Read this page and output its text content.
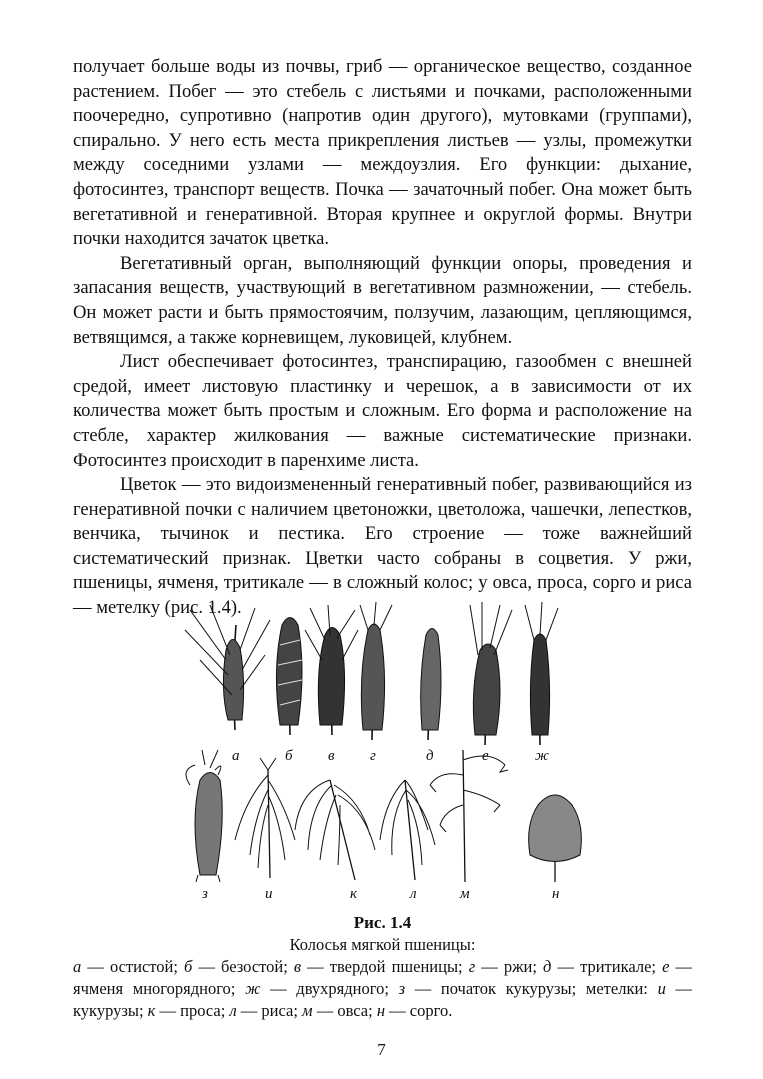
получает больше воды из почвы, гриб — органическое вещество, созданное растением. Побег — это стебель с листьями и почками, расположенными поочередно, супротивно (напротив один другого), мутовками (группами), спирально. У него есть места прикрепления листьев — узлы, промежутки между соседними узлами — междоузлия. Его функции: дыхание, фотосинтез, транспорт веществ. Почка — зачаточный побег. Она может быть вегетативной и генеративной. Вторая крупнее и округлой формы. Внутри почки находится зачаток цветка.

Вегетативный орган, выполняющий функции опоры, проведения и запасания веществ, участвующий в вегетативном размножении, — стебель. Он может расти и быть прямостоячим, ползучим, лазающим, цепляющимся, ветвящимся, а также корневищем, луковицей, клубнем.

Лист обеспечивает фотосинтез, транспирацию, газообмен с внешней средой, имеет листовую пластинку и черешок, а в зависимости от их количества может быть простым и сложным. Его форма и расположение на стебле, характер жилкования — важные систематические признаки. Фотосинтез происходит в паренхиме листа.

Цветок — это видоизмененный генеративный побег, развивающийся из генеративной почки с наличием цветоножки, цветоложа, чашечки, лепестков, венчика, тычинок и пестика. Его строение — тоже важнейший систематический признак. Цветки часто собраны в соцветия. У ржи, пшеницы, ячменя, тритикале — в сложный колос; у овса, проса, сорго и риса — метелку (рис. 1.4).

а	б в г	д	е	ж
з	и	к	л	м	н
Рис. 1.4
Колосья мягкой пшеницы:
а — остистой; б — безостой; в — твердой пшеницы; г — ржи; д — тритикале; е — ячменя многорядного; ж — двухрядного; з — початок кукурузы; метелки: и — кукурузы; к — проса; л — риса; м — овса; н — сорго.
7
